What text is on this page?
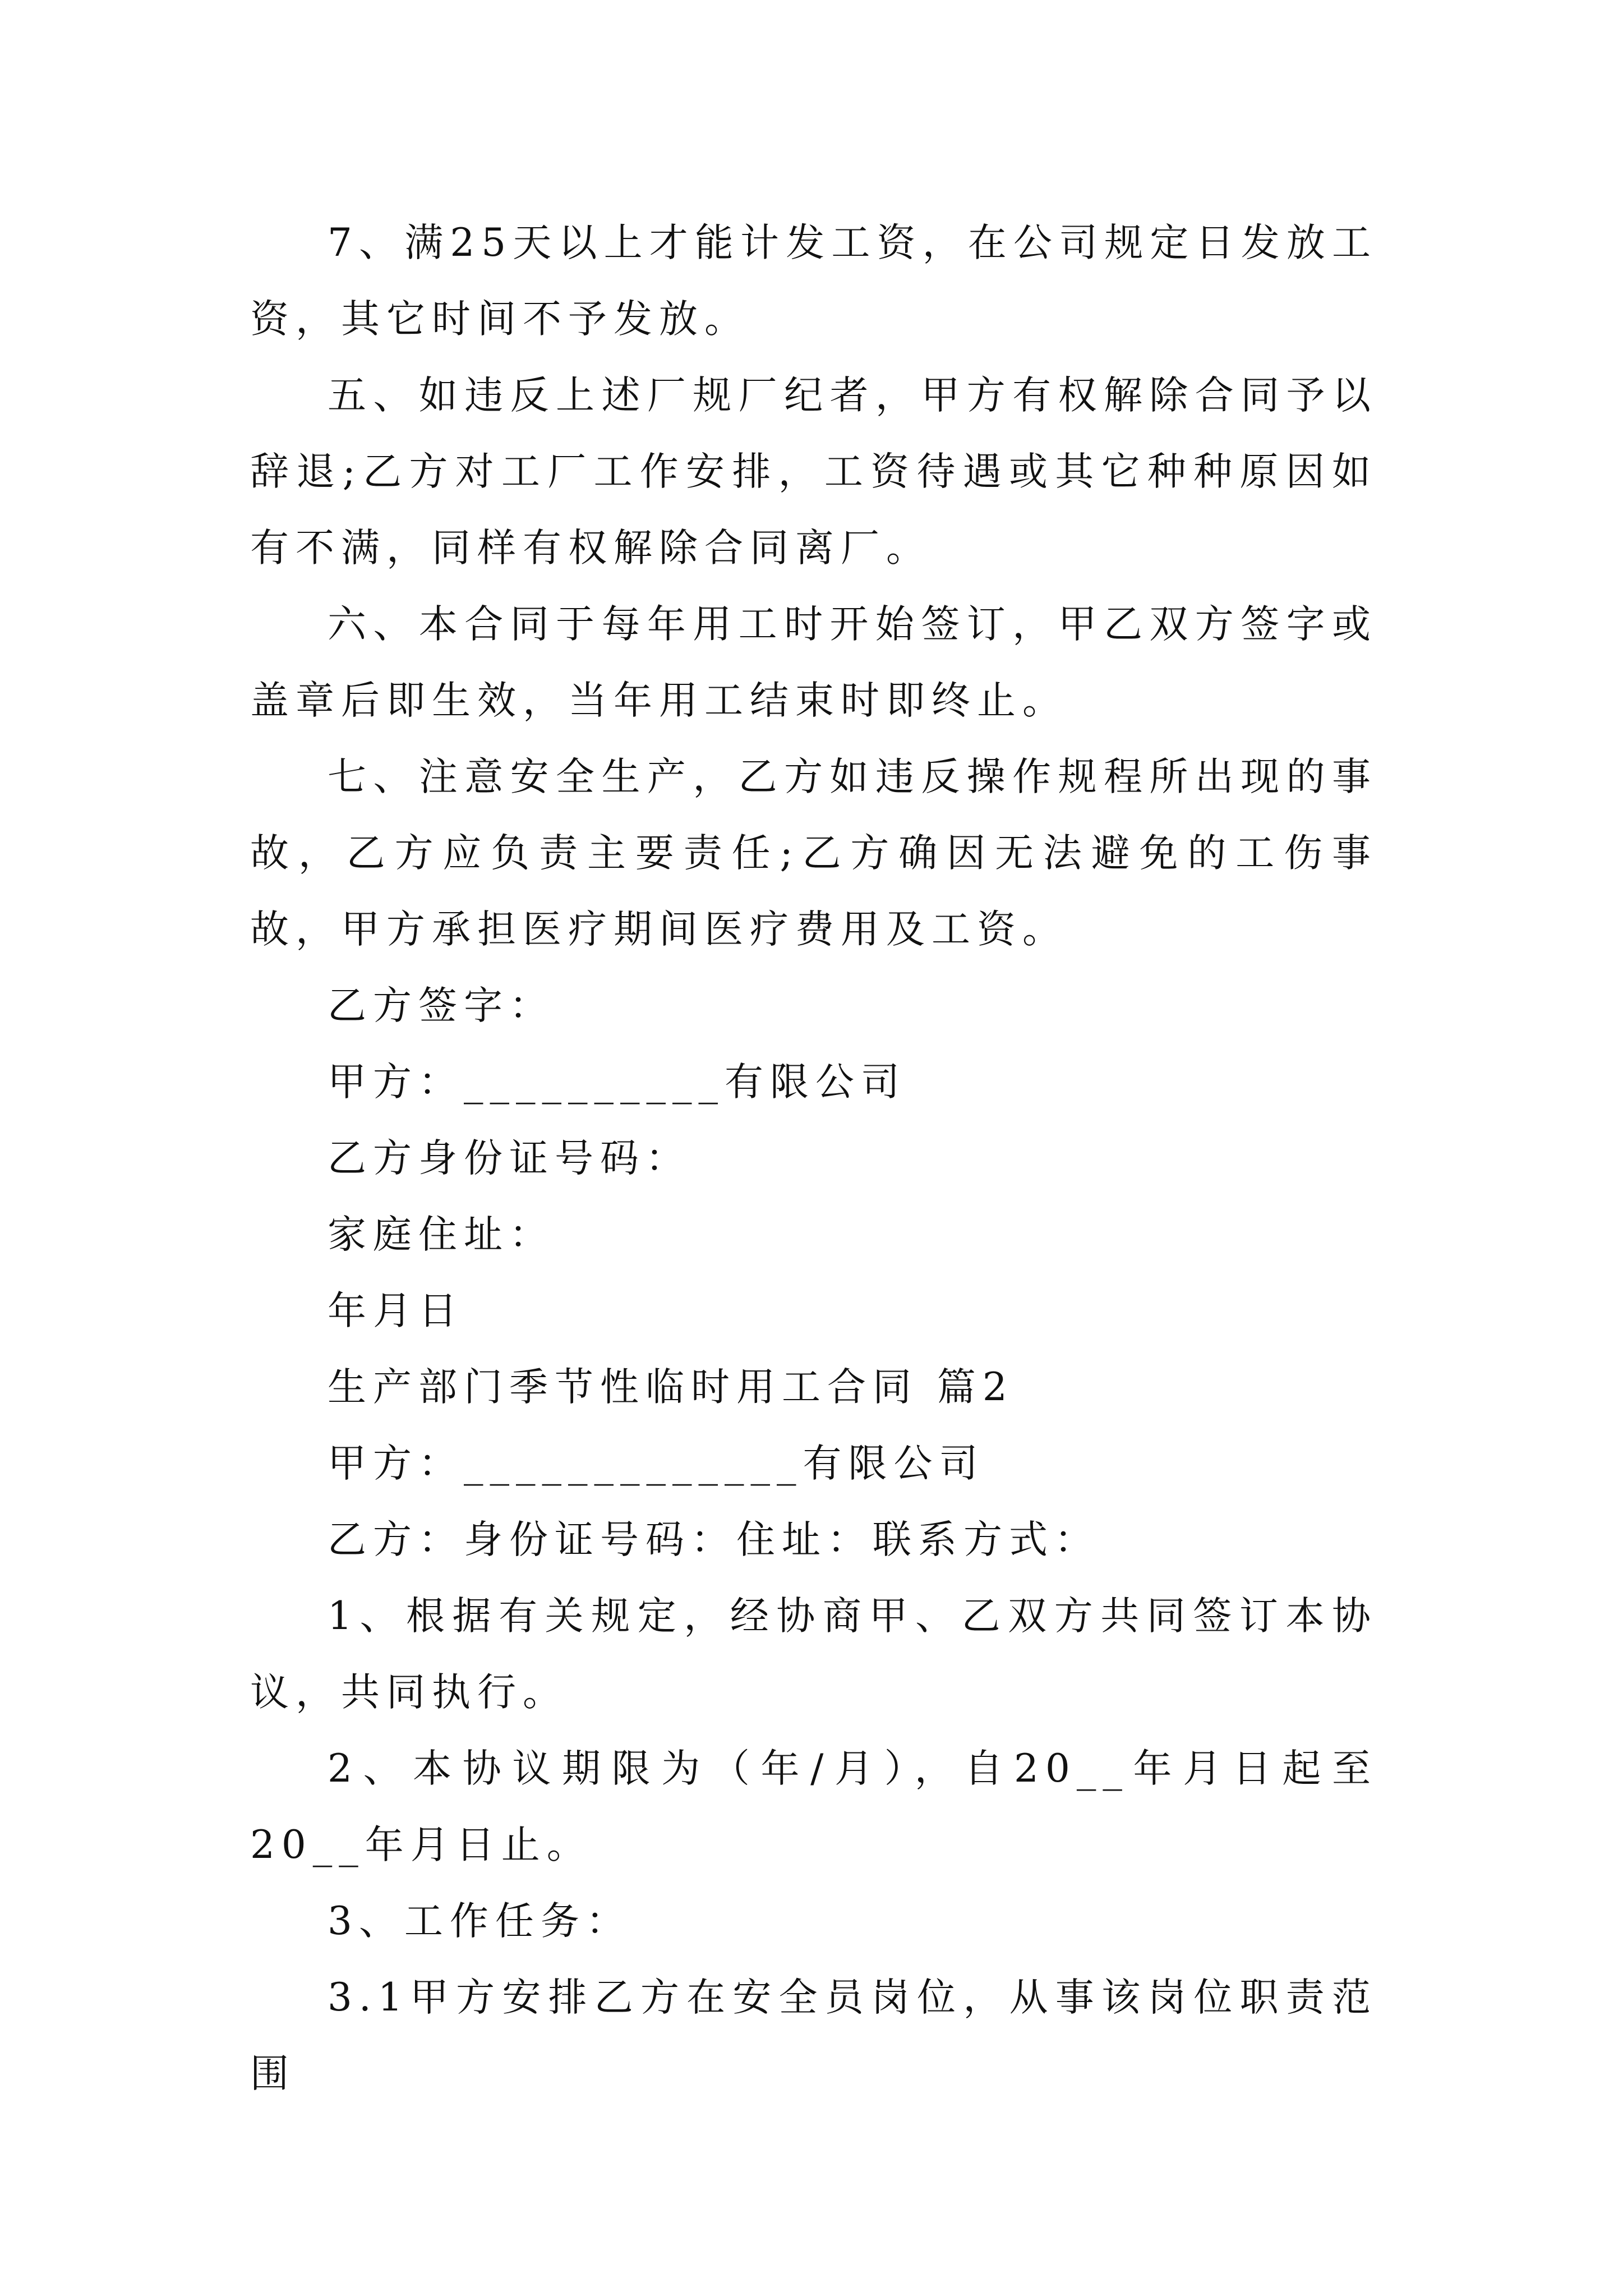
7、满25天以上才能计发工资，在公司规定日发放工资，其它时间不予发放。

五、如违反上述厂规厂纪者，甲方有权解除合同予以辞退;乙方对工厂工作安排，工资待遇或其它种种原因如有不满，同样有权解除合同离厂。

六、本合同于每年用工时开始签订，甲乙双方签字或盖章后即生效，当年用工结束时即终止。

七、注意安全生产，乙方如违反操作规程所出现的事故，乙方应负责主要责任;乙方确因无法避免的工伤事故，甲方承担医疗期间医疗费用及工资。

乙方签字：

甲方：__________有限公司

乙方身份证号码：

家庭住址：

年月日

生产部门季节性临时用工合同 篇2

甲方：_____________有限公司

乙方：身份证号码：住址：联系方式：

1、根据有关规定，经协商甲、乙双方共同签订本协议，共同执行。

2、本协议期限为（年/月），自20__年月日起至20__年月日止。

3、工作任务：

3.1甲方安排乙方在安全员岗位，从事该岗位职责范围
